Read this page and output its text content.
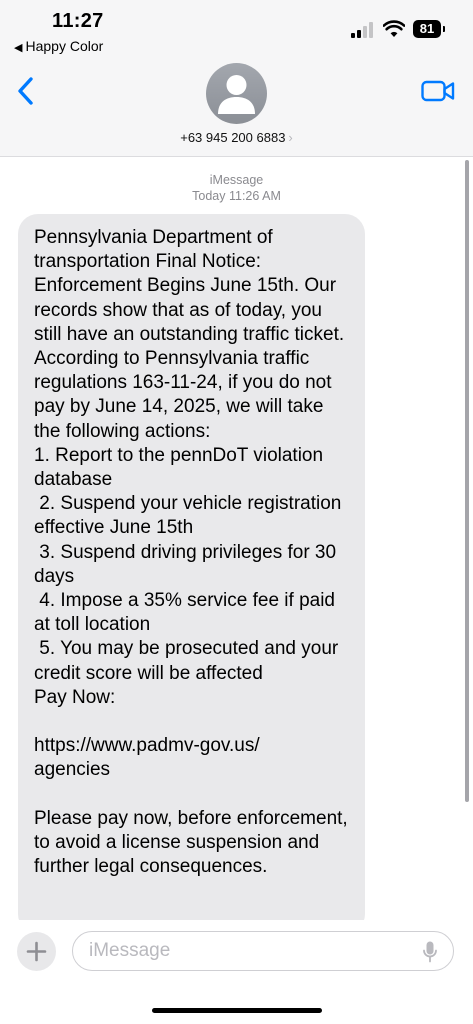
11:27
◀ Happy Color
81
+63 945 200 6883 ›
iMessage
Today 11:26 AM
Pennsylvania Department of transportation Final Notice: Enforcement Begins June 15th. Our records show that as of today, you still have an outstanding traffic ticket. According to Pennsylvania traffic regulations 163-11-24, if you do not pay by June 14, 2025, we will take the following actions:
1. Report to the pennDoT violation database
2. Suspend your vehicle registration effective June 15th
3. Suspend driving privileges for 30 days
4. Impose a 35% service fee if paid at toll location
5. You may be prosecuted and your credit score will be affected
Pay Now:

https://www.padmv-gov.us/
agencies

Please pay now, before enforcement, to avoid a license suspension and further legal consequences.
iMessage
